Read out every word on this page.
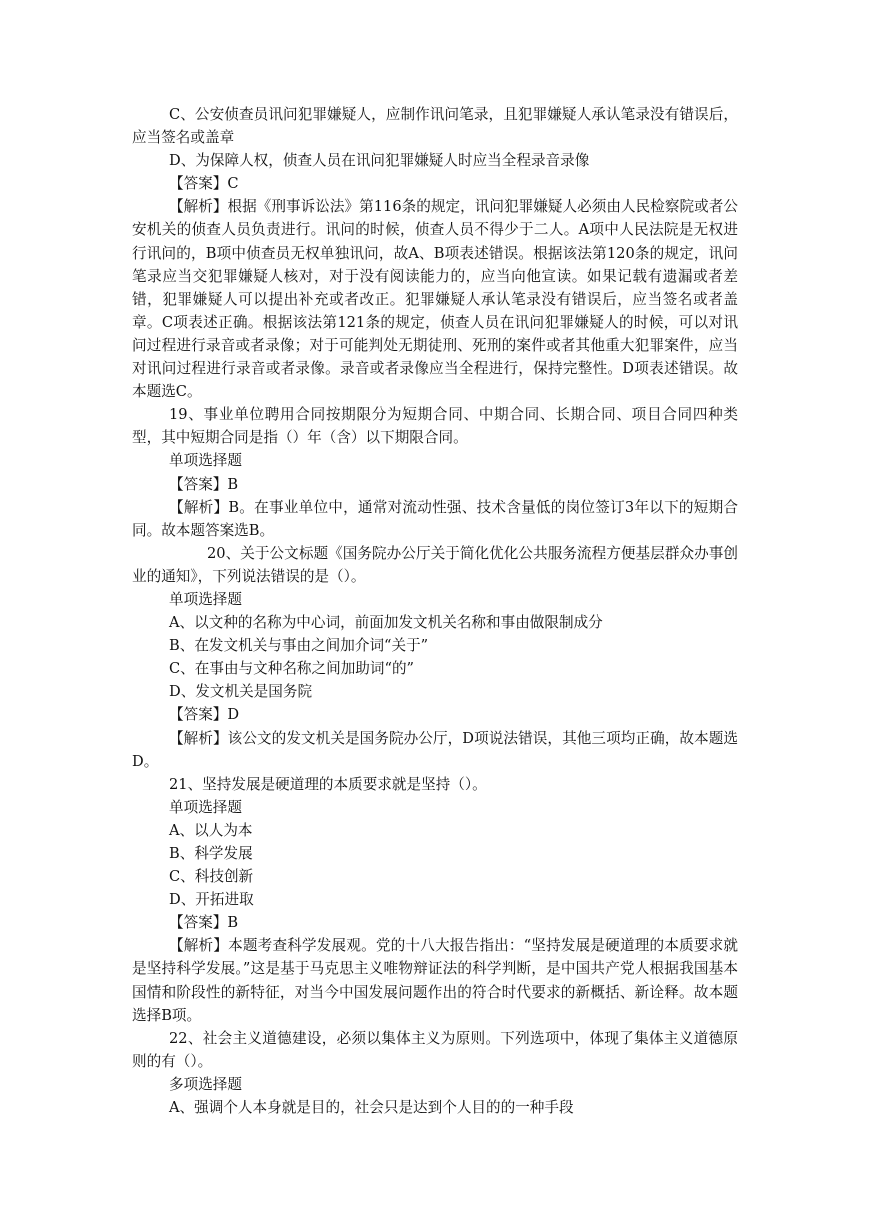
C、公安侦查员讯问犯罪嫌疑人，应制作讯问笔录，且犯罪嫌疑人承认笔录没有错误后，应当签名或盖章

D、为保障人权，侦查人员在讯问犯罪嫌疑人时应当全程录音录像

【答案】C

【解析】根据《刑事诉讼法》第116条的规定，讯问犯罪嫌疑人必须由人民检察院或者公安机关的侦查人员负责进行。讯问的时候，侦查人员不得少于二人。A项中人民法院是无权进行讯问的，B项中侦查员无权单独讯问，故A、B项表述错误。根据该法第120条的规定，讯问笔录应当交犯罪嫌疑人核对，对于没有阅读能力的，应当向他宣读。如果记载有遗漏或者差错，犯罪嫌疑人可以提出补充或者改正。犯罪嫌疑人承认笔录没有错误后，应当签名或者盖章。C项表述正确。根据该法第121条的规定，侦查人员在讯问犯罪嫌疑人的时候，可以对讯问过程进行录音或者录像；对于可能判处无期徒刑、死刑的案件或者其他重大犯罪案件，应当对讯问过程进行录音或者录像。录音或者录像应当全程进行，保持完整性。D项表述错误。故本题选C。

19、事业单位聘用合同按期限分为短期合同、中期合同、长期合同、项目合同四种类型，其中短期合同是指（）年（含）以下期限合同。

单项选择题

【答案】B

【解析】B。在事业单位中，通常对流动性强、技术含量低的岗位签订3年以下的短期合同。故本题答案选B。

20、关于公文标题《国务院办公厅关于简化优化公共服务流程方便基层群众办事创业的通知》，下列说法错误的是（）。

单项选择题

A、以文种的名称为中心词，前面加发文机关名称和事由做限制成分

B、在发文机关与事由之间加介词“关于”

C、在事由与文种名称之间加助词“的”

D、发文机关是国务院

【答案】D

【解析】该公文的发文机关是国务院办公厅，D项说法错误，其他三项均正确，故本题选D。

21、坚持发展是硬道理的本质要求就是坚持（）。

单项选择题

A、以人为本

B、科学发展

C、科技创新

D、开拓进取

【答案】B

【解析】本题考查科学发展观。党的十八大报告指出：“坚持发展是硬道理的本质要求就是坚持科学发展。”这是基于马克思主义唯物辩证法的科学判断，是中国共产党人根据我国基本国情和阶段性的新特征，对当今中国发展问题作出的符合时代要求的新概括、新诠释。故本题选择B项。

22、社会主义道德建设，必须以集体主义为原则。下列选项中，体现了集体主义道德原则的有（）。

多项选择题

A、强调个人本身就是目的，社会只是达到个人目的的一种手段
